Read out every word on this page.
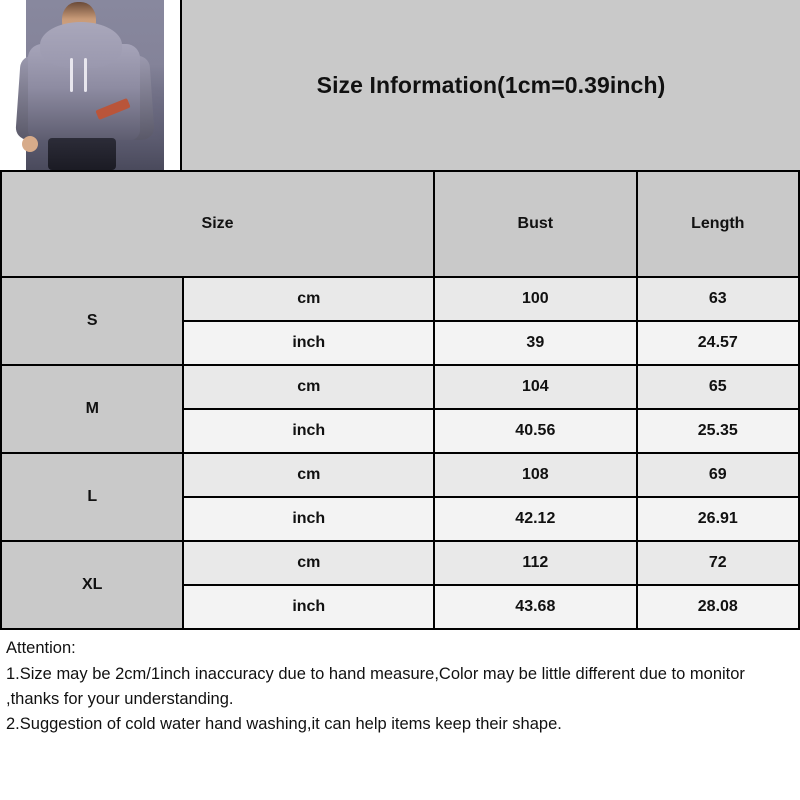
Size Information(1cm=0.39inch)
Size		Bust	Length
S	cm	100	63
	inch	39	24.57
M	cm	104	65
	inch	40.56	25.35
L	cm	108	69
	inch	42.12	26.91
XL	cm	112	72
	inch	43.68	28.08

Attention:

1.Size may be 2cm/1inch inaccuracy due to hand measure,Color may be little different due to monitor ,thanks for your understanding.

2.Suggestion of cold water hand washing,it can help items keep their shape.
